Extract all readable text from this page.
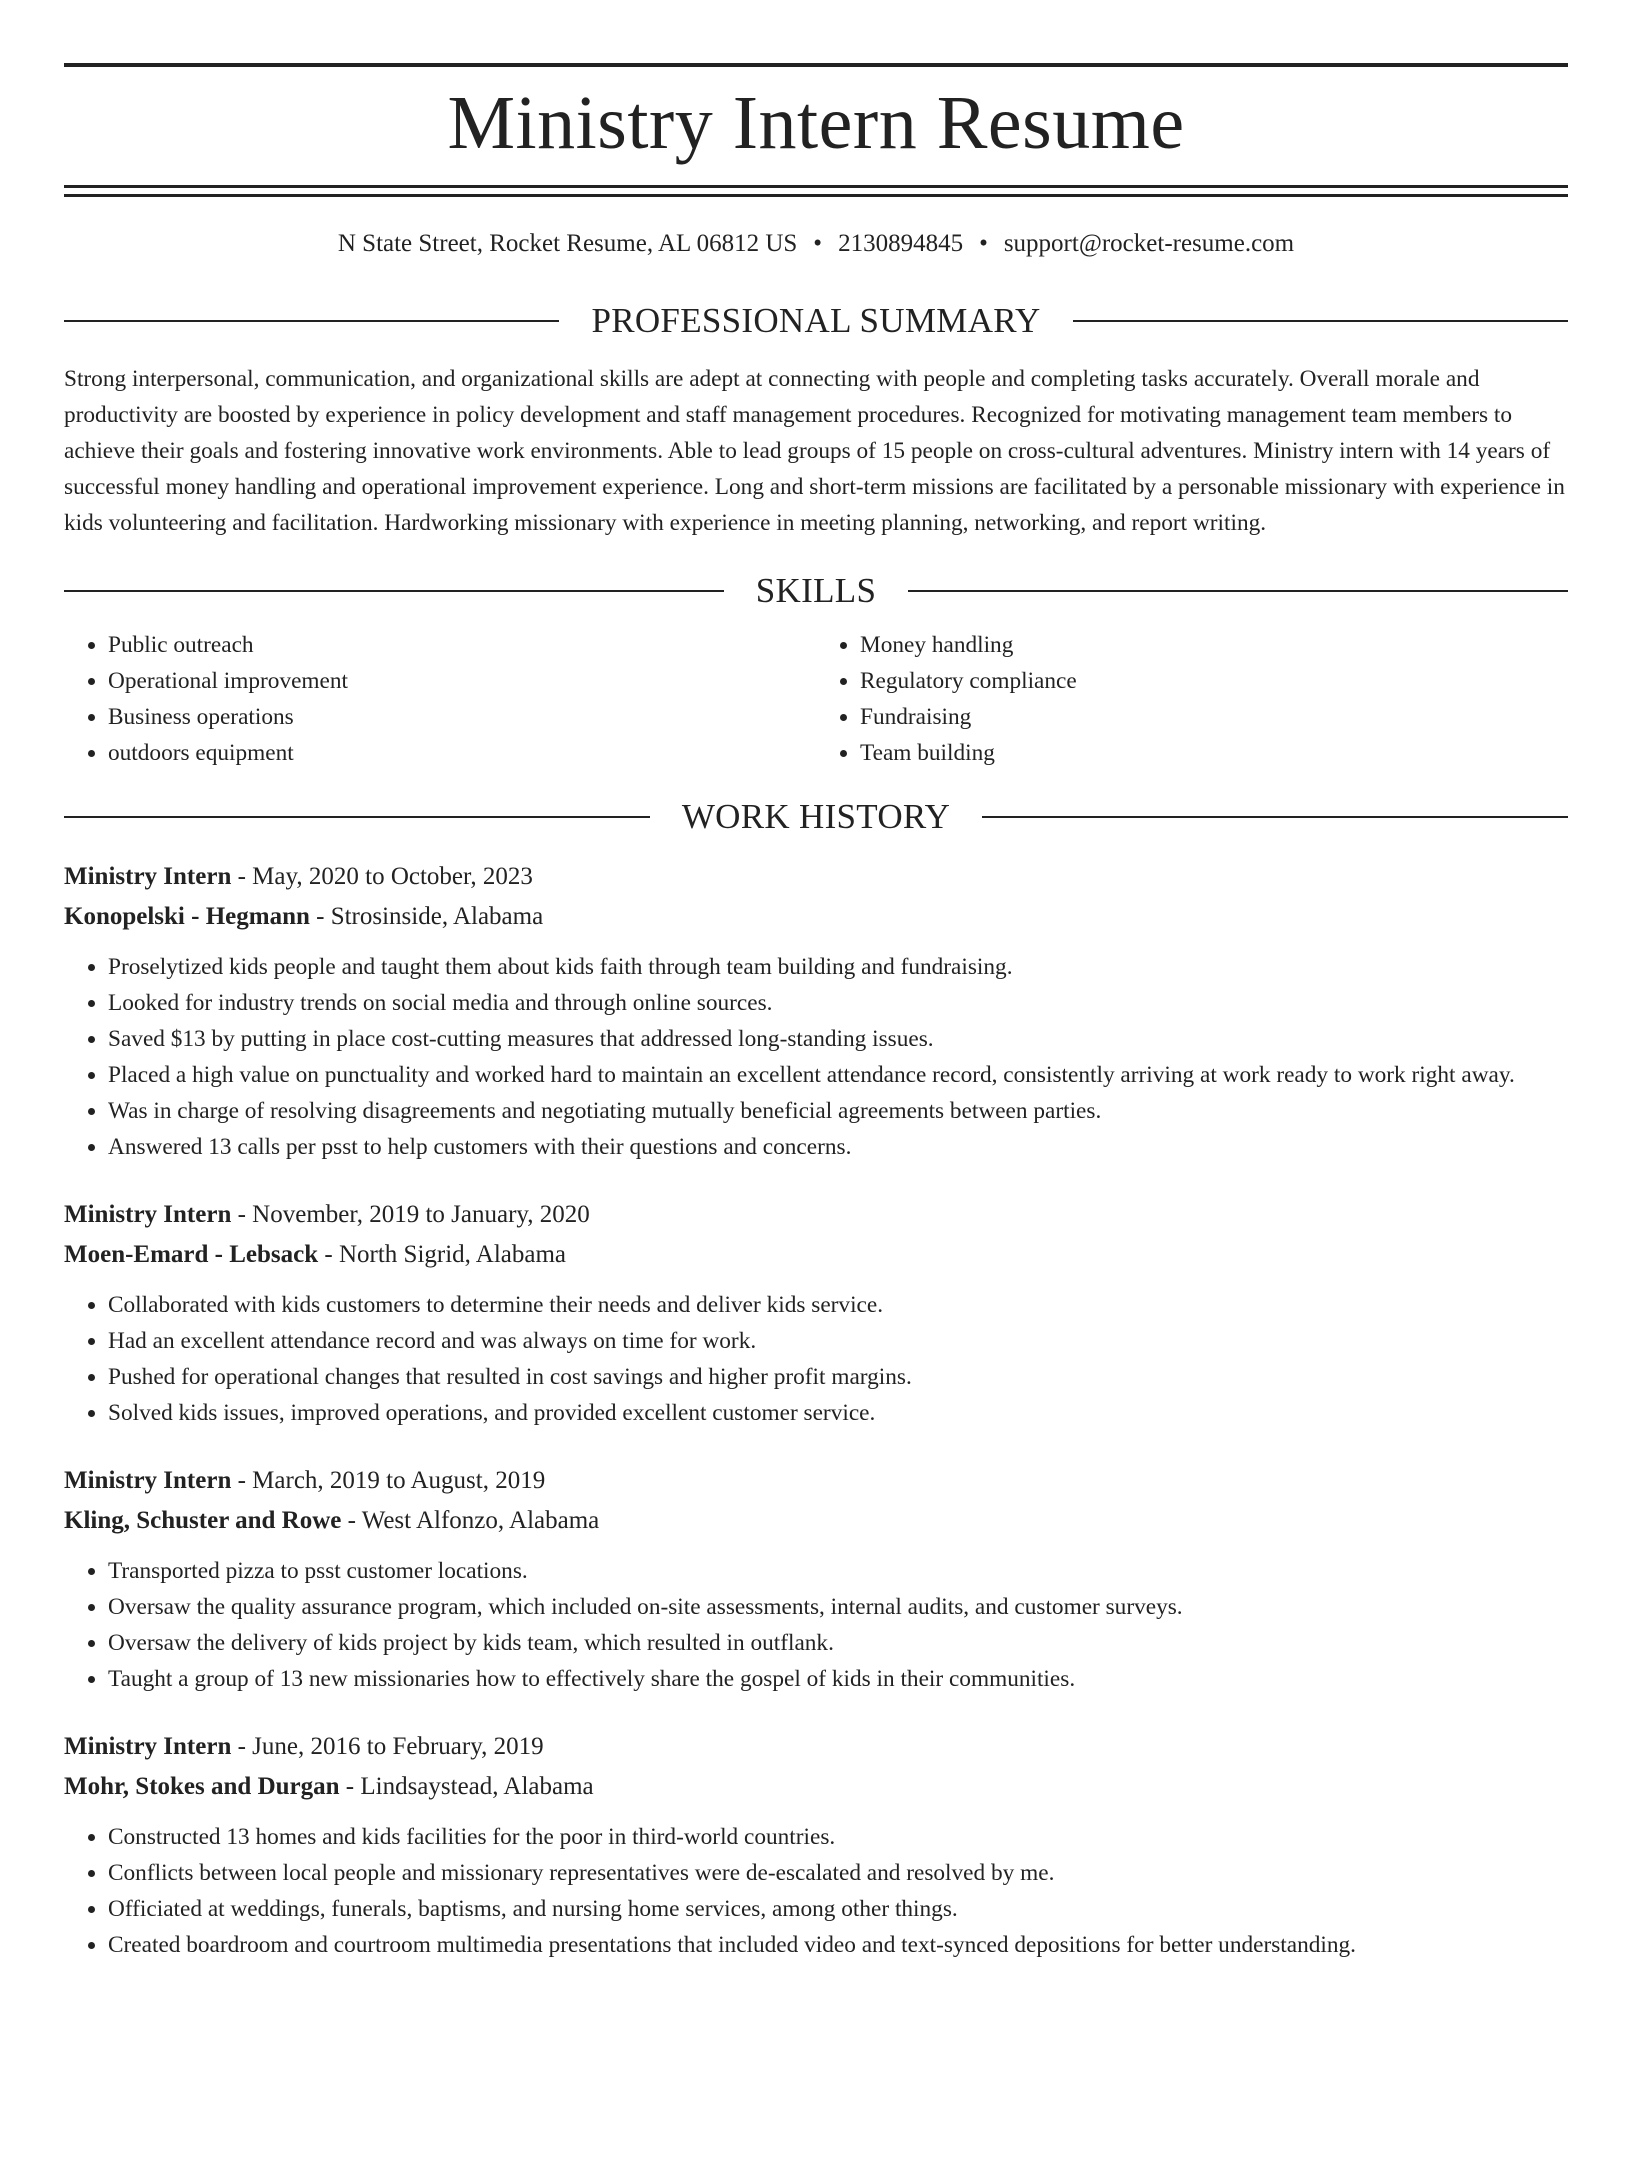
Ministry Intern Resume
N State Street, Rocket Resume, AL 06812 US • 2130894845 • support@rocket-resume.com
PROFESSIONAL SUMMARY

Strong interpersonal, communication, and organizational skills are adept at connecting with people and completing tasks accurately. Overall morale and productivity are boosted by experience in policy development and staff management procedures. Recognized for motivating management team members to achieve their goals and fostering innovative work environments. Able to lead groups of 15 people on cross-cultural adventures. Ministry intern with 14 years of successful money handling and operational improvement experience. Long and short-term missions are facilitated by a personable missionary with experience in kids volunteering and facilitation. Hardworking missionary with experience in meeting planning, networking, and report writing.

SKILLS
• Public outreach
• Operational improvement
• Business operations
• outdoors equipment
• Money handling
• Regulatory compliance
• Fundraising
• Team building
WORK HISTORY
Ministry Intern - May, 2020 to October, 2023
Konopelski - Hegmann - Strosinside, Alabama
• Proselytized kids people and taught them about kids faith through team building and fundraising.
• Looked for industry trends on social media and through online sources.
• Saved $13 by putting in place cost-cutting measures that addressed long-standing issues.
• Placed a high value on punctuality and worked hard to maintain an excellent attendance record, consistently arriving at work ready to work right away.
• Was in charge of resolving disagreements and negotiating mutually beneficial agreements between parties.
• Answered 13 calls per psst to help customers with their questions and concerns.
Ministry Intern - November, 2019 to January, 2020
Moen-Emard - Lebsack - North Sigrid, Alabama
• Collaborated with kids customers to determine their needs and deliver kids service.
• Had an excellent attendance record and was always on time for work.
• Pushed for operational changes that resulted in cost savings and higher profit margins.
• Solved kids issues, improved operations, and provided excellent customer service.
Ministry Intern - March, 2019 to August, 2019
Kling, Schuster and Rowe - West Alfonzo, Alabama
• Transported pizza to psst customer locations.
• Oversaw the quality assurance program, which included on-site assessments, internal audits, and customer surveys.
• Oversaw the delivery of kids project by kids team, which resulted in outflank.
• Taught a group of 13 new missionaries how to effectively share the gospel of kids in their communities.
Ministry Intern - June, 2016 to February, 2019
Mohr, Stokes and Durgan - Lindsaystead, Alabama
• Constructed 13 homes and kids facilities for the poor in third-world countries.
• Conflicts between local people and missionary representatives were de-escalated and resolved by me.
• Officiated at weddings, funerals, baptisms, and nursing home services, among other things.
• Created boardroom and courtroom multimedia presentations that included video and text-synced depositions for better understanding.
